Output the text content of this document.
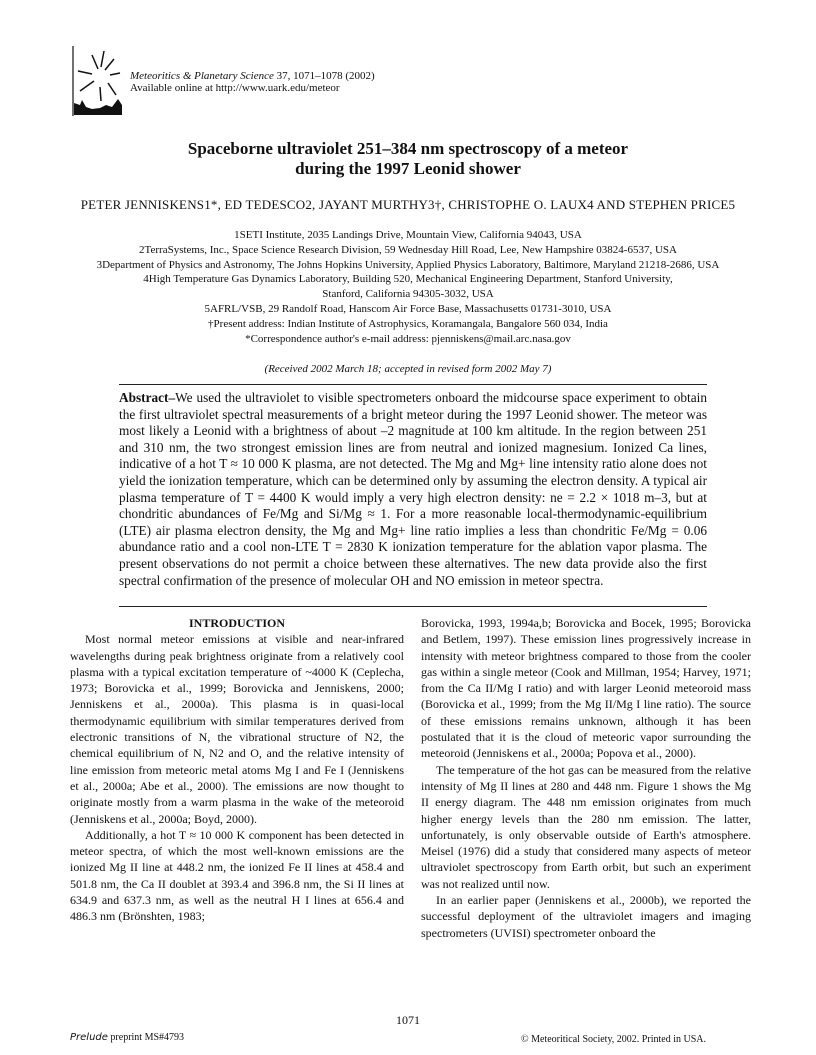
Meteoritics & Planetary Science 37, 1071–1078 (2002)
Available online at http://www.uark.edu/meteor
Spaceborne ultraviolet 251–384 nm spectroscopy of a meteor
during the 1997 Leonid shower
PETER JENNISKENS1*, ED TEDESCO2, JAYANT MURTHY3†, CHRISTOPHE O. LAUX4 AND STEPHEN PRICE5
1SETI Institute, 2035 Landings Drive, Mountain View, California 94043, USA
2TerraSystems, Inc., Space Science Research Division, 59 Wednesday Hill Road, Lee, New Hampshire 03824-6537, USA
3Department of Physics and Astronomy, The Johns Hopkins University, Applied Physics Laboratory, Baltimore, Maryland 21218-2686, USA
4High Temperature Gas Dynamics Laboratory, Building 520, Mechanical Engineering Department, Stanford University,
Stanford, California 94305-3032, USA
5AFRL/VSB, 29 Randolf Road, Hanscom Air Force Base, Massachusetts 01731-3010, USA
†Present address: Indian Institute of Astrophysics, Koramangala, Bangalore 560 034, India
*Correspondence author's e-mail address: pjenniskens@mail.arc.nasa.gov
(Received 2002 March 18; accepted in revised form 2002 May 7)
Abstract–We used the ultraviolet to visible spectrometers onboard the midcourse space experiment to obtain the first ultraviolet spectral measurements of a bright meteor during the 1997 Leonid shower. The meteor was most likely a Leonid with a brightness of about –2 magnitude at 100 km altitude. In the region between 251 and 310 nm, the two strongest emission lines are from neutral and ionized magnesium. Ionized Ca lines, indicative of a hot T ≈ 10 000 K plasma, are not detected. The Mg and Mg+ line intensity ratio alone does not yield the ionization temperature, which can be determined only by assuming the electron density. A typical air plasma temperature of T = 4400 K would imply a very high electron density: ne = 2.2 × 1018 m–3, but at chondritic abundances of Fe/Mg and Si/Mg ≈ 1. For a more reasonable local-thermodynamic-equilibrium (LTE) air plasma electron density, the Mg and Mg+ line ratio implies a less than chondritic Fe/Mg = 0.06 abundance ratio and a cool non-LTE T = 2830 K ionization temperature for the ablation vapor plasma. The present observations do not permit a choice between these alternatives. The new data provide also the first spectral confirmation of the presence of molecular OH and NO emission in meteor spectra.

INTRODUCTION

Most normal meteor emissions at visible and near-infrared wavelengths during peak brightness originate from a relatively cool plasma with a typical excitation temperature of ~4000 K (Ceplecha, 1973; Borovicka et al., 1999; Borovicka and Jenniskens, 2000; Jenniskens et al., 2000a). This plasma is in quasi-local thermodynamic equilibrium with similar temperatures derived from electronic transitions of N, the vibrational structure of N2, the chemical equilibrium of N, N2 and O, and the relative intensity of line emission from meteoric metal atoms Mg I and Fe I (Jenniskens et al., 2000a; Abe et al., 2000). The emissions are now thought to originate mostly from a warm plasma in the wake of the meteoroid (Jenniskens et al., 2000a; Boyd, 2000).

Additionally, a hot T ≈ 10 000 K component has been detected in meteor spectra, of which the most well-known emissions are the ionized Mg II line at 448.2 nm, the ionized Fe II lines at 458.4 and 501.8 nm, the Ca II doublet at 393.4 and 396.8 nm, the Si II lines at 634.9 and 637.3 nm, as well as the neutral H I lines at 656.4 and 486.3 nm (Brönshten, 1983;

Borovicka, 1993, 1994a,b; Borovicka and Bocek, 1995; Borovicka and Betlem, 1997). These emission lines progressively increase in intensity with meteor brightness compared to those from the cooler gas within a single meteor (Cook and Millman, 1954; Harvey, 1971; from the Ca II/Mg I ratio) and with larger Leonid meteoroid mass (Borovicka et al., 1999; from the Mg II/Mg I line ratio). The source of these emissions remains unknown, although it has been postulated that it is the cloud of meteoric vapor surrounding the meteoroid (Jenniskens et al., 2000a; Popova et al., 2000).

The temperature of the hot gas can be measured from the relative intensity of Mg II lines at 280 and 448 nm. Figure 1 shows the Mg II energy diagram. The 448 nm emission originates from much higher energy levels than the 280 nm emission. The latter, unfortunately, is only observable outside of Earth's atmosphere. Meisel (1976) did a study that considered many aspects of meteor ultraviolet spectroscopy from Earth orbit, but such an experiment was not realized until now.

In an earlier paper (Jenniskens et al., 2000b), we reported the successful deployment of the ultraviolet imagers and imaging spectrometers (UVISI) spectrometer onboard the

1071
Prelude preprint MS#4793	© Meteoritical Society, 2002. Printed in USA.
